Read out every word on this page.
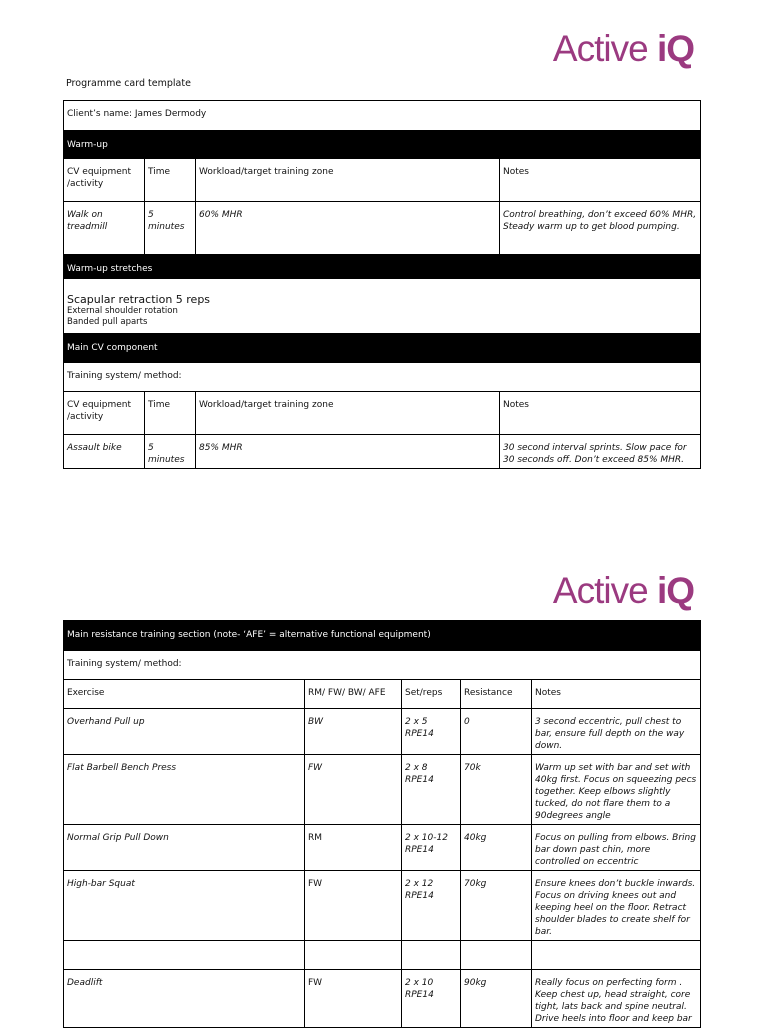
Active iQ
Programme card template
Client’s name: James Dermody			
Warm-up			
CV equipment /activity	Time	Workload/target training zone	Notes
Walk on treadmill	5 minutes	60% MHR	Control breathing, don’t exceed 60% MHR, Steady warm up to get blood pumping.
Warm-up stretches			

Scapular retraction 5 reps
External shoulder rotation
Banded pull aparts			

Main CV component			
Training system/ method:			
CV equipment /activity	Time	Workload/target training zone	Notes
Assault bike	5 minutes	85% MHR	30 second interval sprints. Slow pace for 30 seconds off. Don’t exceed 85% MHR.
Active iQ
Main resistance training section (note- ‘AFE’ = alternative functional equipment)				
Training system/ method:				
Exercise	RM/ FW/ BW/ AFE	Set/reps	Resistance	Notes
Overhand Pull up	BW	2 x 5 RPE14	0	3 second eccentric, pull chest to bar, ensure full depth on the way down.
Flat Barbell Bench Press	FW	2 x 8 RPE14	70k	Warm up set with bar and set with 40kg first. Focus on squeezing pecs together. Keep elbows slightly tucked, do not flare them to a 90degrees angle
Normal Grip Pull Down	RM	2 x 10-12 RPE14	40kg	Focus on pulling from elbows. Bring bar down past chin, more controlled on eccentric
High-bar Squat	FW	2 x 12 RPE14	70kg	Ensure knees don’t buckle inwards. Focus on driving knees out and keeping heel on the floor. Retract shoulder blades to create shelf for bar.

Deadlift	FW	2 x 10 RPE14	90kg	Really focus on perfecting form . Keep chest up, head straight, core tight, lats back and spine neutral. Drive heels into floor and keep bar
